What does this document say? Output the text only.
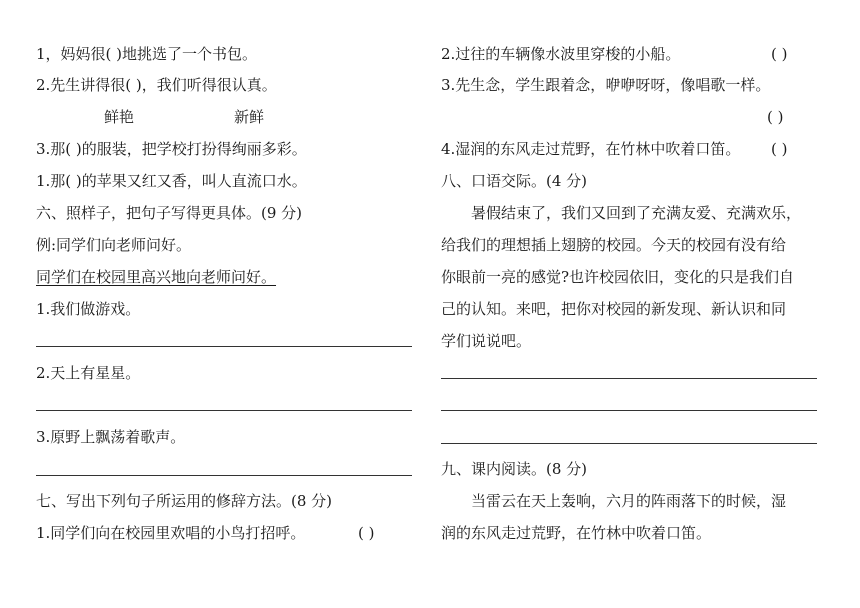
1，妈妈很( )地挑选了一个书包。
2.先生讲得很( )，我们听得很认真。
鲜艳	新鲜
3.那( )的服装，把学校打扮得绚丽多彩。
1.那( )的苹果又红又香，叫人直流口水。
六、照样子，把句子写得更具体。(9 分)
例:同学们向老师问好。
同学们在校园里高兴地向老师问好。
1.我们做游戏。
2.天上有星星。
3.原野上飘荡着歌声。
七、写出下列句子所运用的修辞方法。(8 分)
1.同学们向在校园里欢唱的小鸟打招呼。	( )
2.过往的车辆像水波里穿梭的小船。	( )
3.先生念，学生跟着念，咿咿呀呀，像唱歌一样。
( )
4.湿润的东风走过荒野，在竹林中吹着口笛。 ( )
八、口语交际。(4 分)
暑假结束了，我们又回到了充满友爱、充满欢乐，
给我们的理想插上翅膀的校园。今天的校园有没有给
你眼前一亮的感觉?也许校园依旧，变化的只是我们自
己的认知。来吧，把你对校园的新发现、新认识和同
学们说说吧。
九、课内阅读。(8 分)
当雷云在天上轰响，六月的阵雨落下的时候，湿
润的东风走过荒野，在竹林中吹着口笛。
